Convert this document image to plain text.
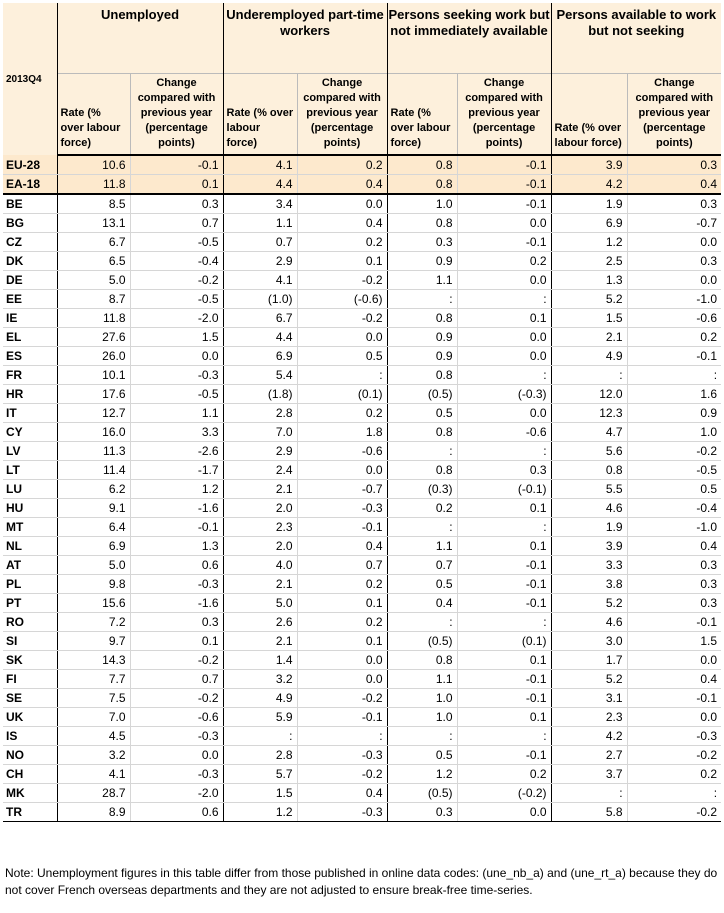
2013Q4	Unemployed		Underemployed part-time workers		Persons seeking work but not immediately available		Persons available to work but not seeking	
	Rate (% over labour force)	Change compared with previous year (percentage points)	Rate (% over labour force)	Change compared with previous year (percentage points)	Rate (% over labour force)	Change compared with previous year (percentage points)	Rate (% over labour force)	Change compared with previous year (percentage points)
EU-28	10.6	-0.1	4.1	0.2	0.8	-0.1	3.9	0.3
EA-18	11.8	0.1	4.4	0.4	0.8	-0.1	4.2	0.4
BE	8.5	0.3	3.4	0.0	1.0	-0.1	1.9	0.3
BG	13.1	0.7	1.1	0.4	0.8	0.0	6.9	-0.7
CZ	6.7	-0.5	0.7	0.2	0.3	-0.1	1.2	0.0
DK	6.5	-0.4	2.9	0.1	0.9	0.2	2.5	0.3
DE	5.0	-0.2	4.1	-0.2	1.1	0.0	1.3	0.0
EE	8.7	-0.5	(1.0)	(-0.6)	:	:	5.2	-1.0
IE	11.8	-2.0	6.7	-0.2	0.8	0.1	1.5	-0.6
EL	27.6	1.5	4.4	0.0	0.9	0.0	2.1	0.2
ES	26.0	0.0	6.9	0.5	0.9	0.0	4.9	-0.1
FR	10.1	-0.3	5.4	:	0.8	:	:	:
HR	17.6	-0.5	(1.8)	(0.1)	(0.5)	(-0.3)	12.0	1.6
IT	12.7	1.1	2.8	0.2	0.5	0.0	12.3	0.9
CY	16.0	3.3	7.0	1.8	0.8	-0.6	4.7	1.0
LV	11.3	-2.6	2.9	-0.6	:	:	5.6	-0.2
LT	11.4	-1.7	2.4	0.0	0.8	0.3	0.8	-0.5
LU	6.2	1.2	2.1	-0.7	(0.3)	(-0.1)	5.5	0.5
HU	9.1	-1.6	2.0	-0.3	0.2	0.1	4.6	-0.4
MT	6.4	-0.1	2.3	-0.1	:	:	1.9	-1.0
NL	6.9	1.3	2.0	0.4	1.1	0.1	3.9	0.4
AT	5.0	0.6	4.0	0.7	0.7	-0.1	3.3	0.3
PL	9.8	-0.3	2.1	0.2	0.5	-0.1	3.8	0.3
PT	15.6	-1.6	5.0	0.1	0.4	-0.1	5.2	0.3
RO	7.2	0.3	2.6	0.2	:	:	4.6	-0.1
SI	9.7	0.1	2.1	0.1	(0.5)	(0.1)	3.0	1.5
SK	14.3	-0.2	1.4	0.0	0.8	0.1	1.7	0.0
FI	7.7	0.7	3.2	0.0	1.1	-0.1	5.2	0.4
SE	7.5	-0.2	4.9	-0.2	1.0	-0.1	3.1	-0.1
UK	7.0	-0.6	5.9	-0.1	1.0	0.1	2.3	0.0
IS	4.5	-0.3	:	:	:	:	4.2	-0.3
NO	3.2	0.0	2.8	-0.3	0.5	-0.1	2.7	-0.2
CH	4.1	-0.3	5.7	-0.2	1.2	0.2	3.7	0.2
MK	28.7	-2.0	1.5	0.4	(0.5)	(-0.2)	:	:
TR	8.9	0.6	1.2	-0.3	0.3	0.0	5.8	-0.2
Note: Unemployment figures in this table differ from those published in online data codes: (une_nb_a) and (une_rt_a) because they do not cover French overseas departments and they are not adjusted to ensure break-free time-series.
